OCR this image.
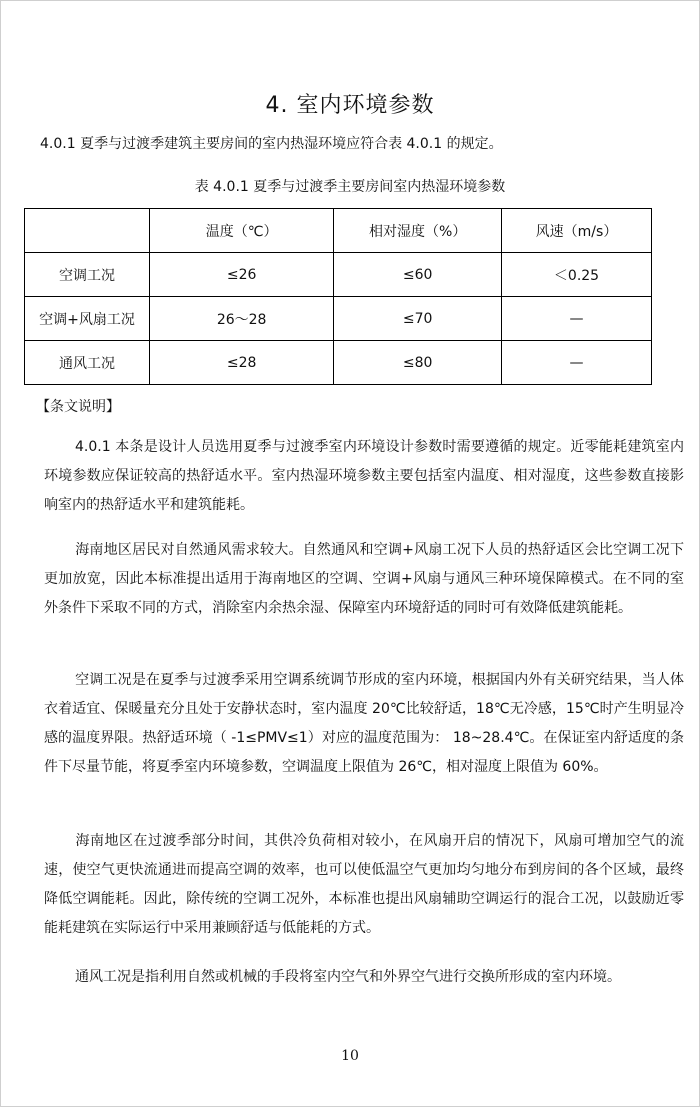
4. 室内环境参数
4.0.1 夏季与过渡季建筑主要房间的室内热湿环境应符合表 4.0.1 的规定。
表 4.0.1 夏季与过渡季主要房间室内热湿环境参数
	温度（℃）	相对湿度（%）	风速（m/s）
空调工况	≤26	≤60	＜0.25
空调+风扇工况	26～28	≤70	—
通风工况	≤28	≤80	—
【条文说明】
4.0.1 本条是设计人员选用夏季与过渡季室内环境设计参数时需要遵循的规定。近零能耗建筑室内环境参数应保证较高的热舒适水平。室内热湿环境参数主要包括室内温度、相对湿度，这些参数直接影响室内的热舒适水平和建筑能耗。
海南地区居民对自然通风需求较大。自然通风和空调+风扇工况下人员的热舒适区会比空调工况下更加放宽，因此本标准提出适用于海南地区的空调、空调+风扇与通风三种环境保障模式。在不同的室外条件下采取不同的方式，消除室内余热余湿、保障室内环境舒适的同时可有效降低建筑能耗。
空调工况是在夏季与过渡季采用空调系统调节形成的室内环境，根据国内外有关研究结果，当人体衣着适宜、保暖量充分且处于安静状态时，室内温度 20℃比较舒适，18℃无冷感，15℃时产生明显冷感的温度界限。热舒适环境（ -1≤PMV≤1）对应的温度范围为： 18~28.4℃。在保证室内舒适度的条件下尽量节能，将夏季室内环境参数，空调温度上限值为 26℃，相对湿度上限值为 60%。
海南地区在过渡季部分时间，其供冷负荷相对较小，在风扇开启的情况下，风扇可增加空气的流速，使空气更快流通进而提高空调的效率，也可以使低温空气更加均匀地分布到房间的各个区域，最终降低空调能耗。因此，除传统的空调工况外，本标准也提出风扇辅助空调运行的混合工况，以鼓励近零能耗建筑在实际运行中采用兼顾舒适与低能耗的方式。
通风工况是指利用自然或机械的手段将室内空气和外界空气进行交换所形成的室内环境。
10
